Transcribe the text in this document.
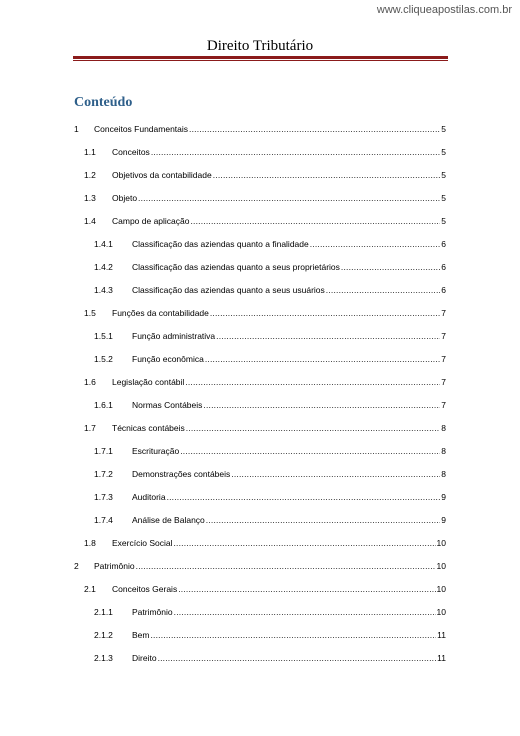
www.cliqueapostilas.com.br
Direito Tributário
Conteúdo
1	Conceitos Fundamentais .....	5
1.1	Conceitos .....	5
1.2	Objetivos da contabilidade .....	5
1.3	Objeto .....	5
1.4	Campo de aplicação .....	5
1.4.1	Classificação das aziendas quanto a finalidade .....	6
1.4.2	Classificação das aziendas quanto a seus proprietários .....	6
1.4.3	Classificação das aziendas quanto a seus usuários .....	6
1.5	Funções da contabilidade .....	7
1.5.1	Função administrativa .....	7
1.5.2	Função econômica .....	7
1.6	Legislação contábil .....	7
1.6.1	Normas Contábeis .....	7
1.7	Técnicas contábeis .....	8
1.7.1	Escrituração .....	8
1.7.2	Demonstrações contábeis .....	8
1.7.3	Auditoria .....	9
1.7.4	Análise de Balanço .....	9
1.8	Exercício Social .....	10
2	Patrimônio .....	10
2.1	Conceitos Gerais .....	10
2.1.1	Patrimônio .....	10
2.1.2	Bem .....	11
2.1.3	Direito .....	11
